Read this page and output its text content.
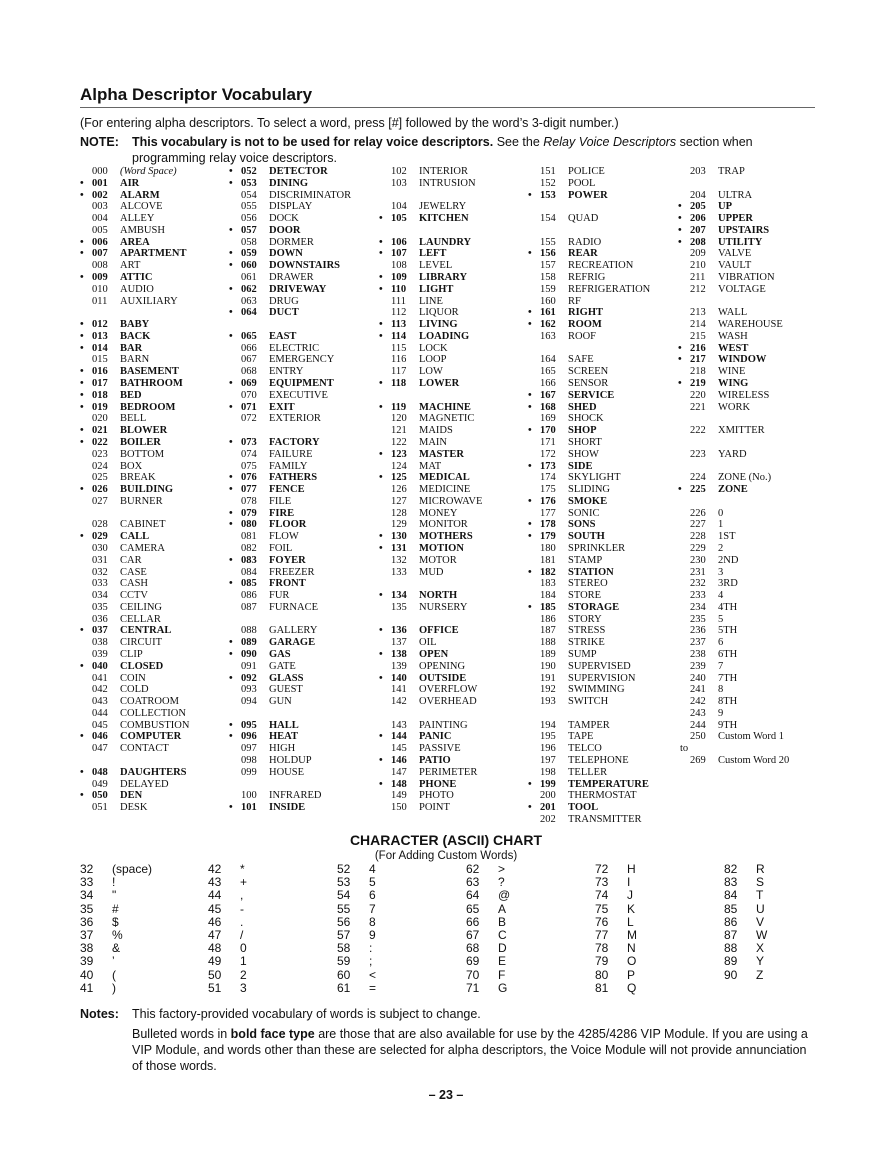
Alpha Descriptor Vocabulary
(For entering alpha descriptors. To select a word, press [#] followed by the word’s 3-digit number.)
NOTE: This vocabulary is not to be used for relay voice descriptors. See the Relay Voice Descriptors section when programming relay voice descriptors.
000	(Word Space)
• 001	AIR
• 002	ALARM
003	ALCOVE
004	ALLEY
005	AMBUSH
• 006	AREA
• 007	APARTMENT
008	ART
• 009	ATTIC
010	AUDIO
011	AUXILIARY
• 012	BABY
• 013	BACK
• 014	BAR
015	BARN
• 016	BASEMENT
• 017	BATHROOM
• 018	BED
• 019	BEDROOM
020	BELL
• 021	BLOWER
• 022	BOILER
023	BOTTOM
024	BOX
025	BREAK
• 026	BUILDING
027	BURNER
028	CABINET
• 029	CALL
030	CAMERA
031	CAR
032	CASE
033	CASH
034	CCTV
035	CEILING
036	CELLAR
• 037	CENTRAL
038	CIRCUIT
039	CLIP
• 040	CLOSED
041	COIN
042	COLD
043	COATROOM
044	COLLECTION
045	COMBUSTION
• 046	COMPUTER
047	CONTACT
• 048	DAUGHTERS
049	DELAYED
• 050	DEN
051	DESK
• 052	DETECTOR
• 053	DINING
054	DISCRIMINATOR
055	DISPLAY
056	DOCK
• 057	DOOR
058	DORMER
• 059	DOWN
• 060	DOWNSTAIRS
061	DRAWER
• 062	DRIVEWAY
063	DRUG
• 064	DUCT
• 065	EAST
066	ELECTRIC
067	EMERGENCY
068	ENTRY
• 069	EQUIPMENT
070	EXECUTIVE
• 071	EXIT
072	EXTERIOR
• 073	FACTORY
074	FAILURE
075	FAMILY
• 076	FATHERS
• 077	FENCE
078	FILE
• 079	FIRE
• 080	FLOOR
081	FLOW
082	FOIL
• 083	FOYER
084	FREEZER
• 085	FRONT
086	FUR
087	FURNACE
088	GALLERY
• 089	GARAGE
• 090	GAS
091	GATE
• 092	GLASS
093	GUEST
094	GUN
• 095	HALL
• 096	HEAT
097	HIGH
098	HOLDUP
099	HOUSE
100	INFRARED
• 101	INSIDE
102	INTERIOR
103	INTRUSION
104	JEWELRY
• 105	KITCHEN
• 106	LAUNDRY
• 107	LEFT
108	LEVEL
• 109	LIBRARY
• 110	LIGHT
111	LINE
112	LIQUOR
• 113	LIVING
• 114	LOADING
115	LOCK
116	LOOP
117	LOW
• 118	LOWER
• 119	MACHINE
120	MAGNETIC
121	MAIDS
122	MAIN
• 123	MASTER
124	MAT
• 125	MEDICAL
126	MEDICINE
127	MICROWAVE
128	MONEY
129	MONITOR
• 130	MOTHERS
• 131	MOTION
132	MOTOR
133	MUD
• 134	NORTH
135	NURSERY
• 136	OFFICE
137	OIL
• 138	OPEN
139	OPENING
• 140	OUTSIDE
141	OVERFLOW
142	OVERHEAD
143	PAINTING
• 144	PANIC
145	PASSIVE
• 146	PATIO
147	PERIMETER
• 148	PHONE
149	PHOTO
150	POINT
151	POLICE
152	POOL
• 153	POWER
154	QUAD
155	RADIO
• 156	REAR
157	RECREATION
158	REFRIG
159	REFRIGERATION
160	RF
• 161	RIGHT
• 162	ROOM
163	ROOF
164	SAFE
165	SCREEN
166	SENSOR
• 167	SERVICE
• 168	SHED
169	SHOCK
• 170	SHOP
171	SHORT
172	SHOW
• 173	SIDE
174	SKYLIGHT
175	SLIDING
• 176	SMOKE
177	SONIC
• 178	SONS
• 179	SOUTH
180	SPRINKLER
181	STAMP
• 182	STATION
183	STEREO
184	STORE
• 185	STORAGE
186	STORY
187	STRESS
188	STRIKE
189	SUMP
190	SUPERVISED
191	SUPERVISION
192	SWIMMING
193	SWITCH
194	TAMPER
195	TAPE
196	TELCO
197	TELEPHONE
198	TELLER
• 199	TEMPERATURE
200	THERMOSTAT
• 201	TOOL
202	TRANSMITTER
203	TRAP
204	ULTRA
• 205	UP
• 206	UPPER
• 207	UPSTAIRS
• 208	UTILITY
209	VALVE
210	VAULT
211	VIBRATION
212	VOLTAGE
213	WALL
214	WAREHOUSE
215	WASH
• 216	WEST
• 217	WINDOW
218	WINE
• 219	WING
220	WIRELESS
221	WORK
222	XMITTER
223	YARD
224	ZONE (No.)
• 225	ZONE
226	0
227	1
228	1ST
229	2
230	2ND
231	3
232	3RD
233	4
234	4TH
235	5
236	5TH
237	6
238	6TH
239	7
240	7TH
241	8
242	8TH
243	9
244	9TH
250	Custom Word 1
to
269	Custom Word 20
CHARACTER (ASCII) CHART
(For Adding Custom Words)
32 (space)
33 !
34 "
35 #
36 $
37 %
38 &
39 ’
40 (
41 )
42 *
43 +
44 ,
45 -
46 .
47 /
48 0
49 1
50 2
51 3
52 4
53 5
54 6
55 7
56 8
57 9
58 :
59 ;
60 <
61 =
62 >
63 ?
64 @
65 A
66 B
67 C
68 D
69 E
70 F
71 G
72 H
73 I
74 J
75 K
76 L
77 M
78 N
79 O
80 P
81 Q
82 R
83 S
84 T
85 U
86 V
87 W
88 X
89 Y
90 Z
Notes: This factory-provided vocabulary of words is subject to change.

Bulleted words in bold face type are those that are also available for use by the 4285/4286 VIP Module. If you are using a VIP Module, and words other than these are selected for alpha descriptors, the Voice Module will not provide annunciation of those words.

– 23 –
